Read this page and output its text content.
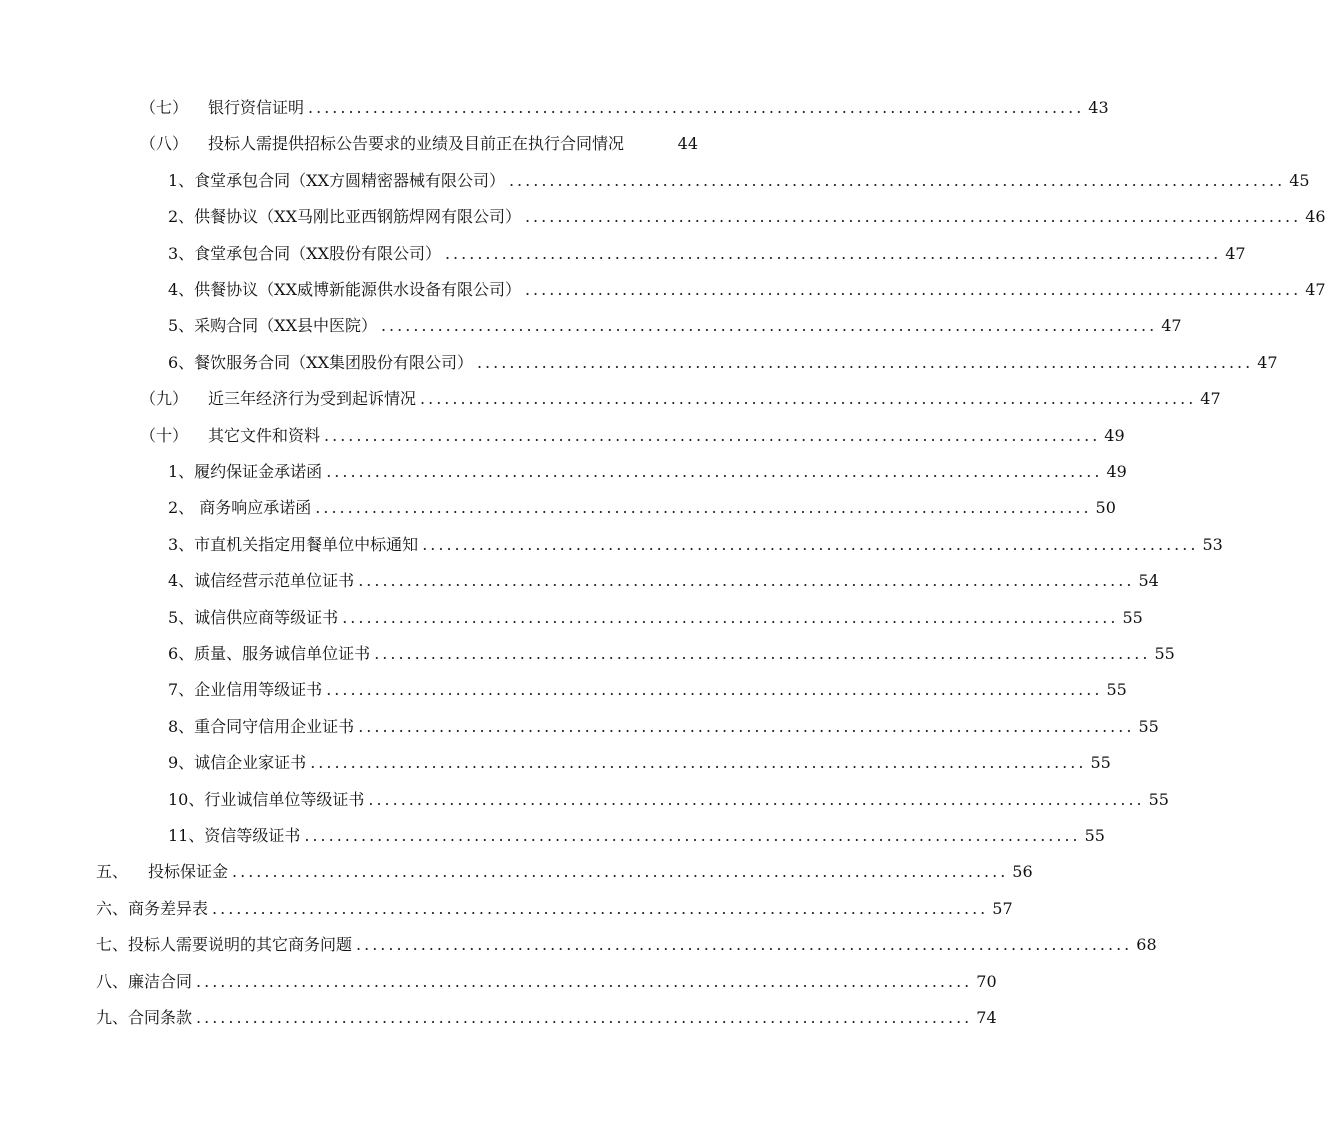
（七） 银行资信证明 ................................................................................................ 43
（八） 投标人需提供招标公告要求的业绩及目前正在执行合同情况	44
1、食堂承包合同（XX方圆精密器械有限公司） ................................................................................................ 45
2、供餐协议（XX马刚比亚西钢筋焊网有限公司） ................................................................................................ 46
3、食堂承包合同（XX股份有限公司） ................................................................................................ 47
4、供餐协议（XX威博新能源供水设备有限公司） ................................................................................................ 47
5、采购合同（XX县中医院） ................................................................................................ 47
6、餐饮服务合同（XX集团股份有限公司） ................................................................................................ 47
（九） 近三年经济行为受到起诉情况 ................................................................................................ 47
（十） 其它文件和资料 ................................................................................................ 49
1、履约保证金承诺函 ................................................................................................ 49
2、 商务响应承诺函 ................................................................................................ 50
3、市直机关指定用餐单位中标通知 ................................................................................................ 53
4、诚信经营示范单位证书 ................................................................................................ 54
5、诚信供应商等级证书 ................................................................................................ 55
6、质量、服务诚信单位证书 ................................................................................................ 55
7、企业信用等级证书 ................................................................................................ 55
8、重合同守信用企业证书 ................................................................................................ 55
9、诚信企业家证书 ................................................................................................ 55
10、行业诚信单位等级证书 ................................................................................................ 55
11、资信等级证书 ................................................................................................ 55
五、 投标保证金 ................................................................................................ 56
六、商务差异表 ................................................................................................ 57
七、投标人需要说明的其它商务问题 ................................................................................................ 68
八、廉洁合同 ................................................................................................ 70
九、合同条款 ................................................................................................ 74
